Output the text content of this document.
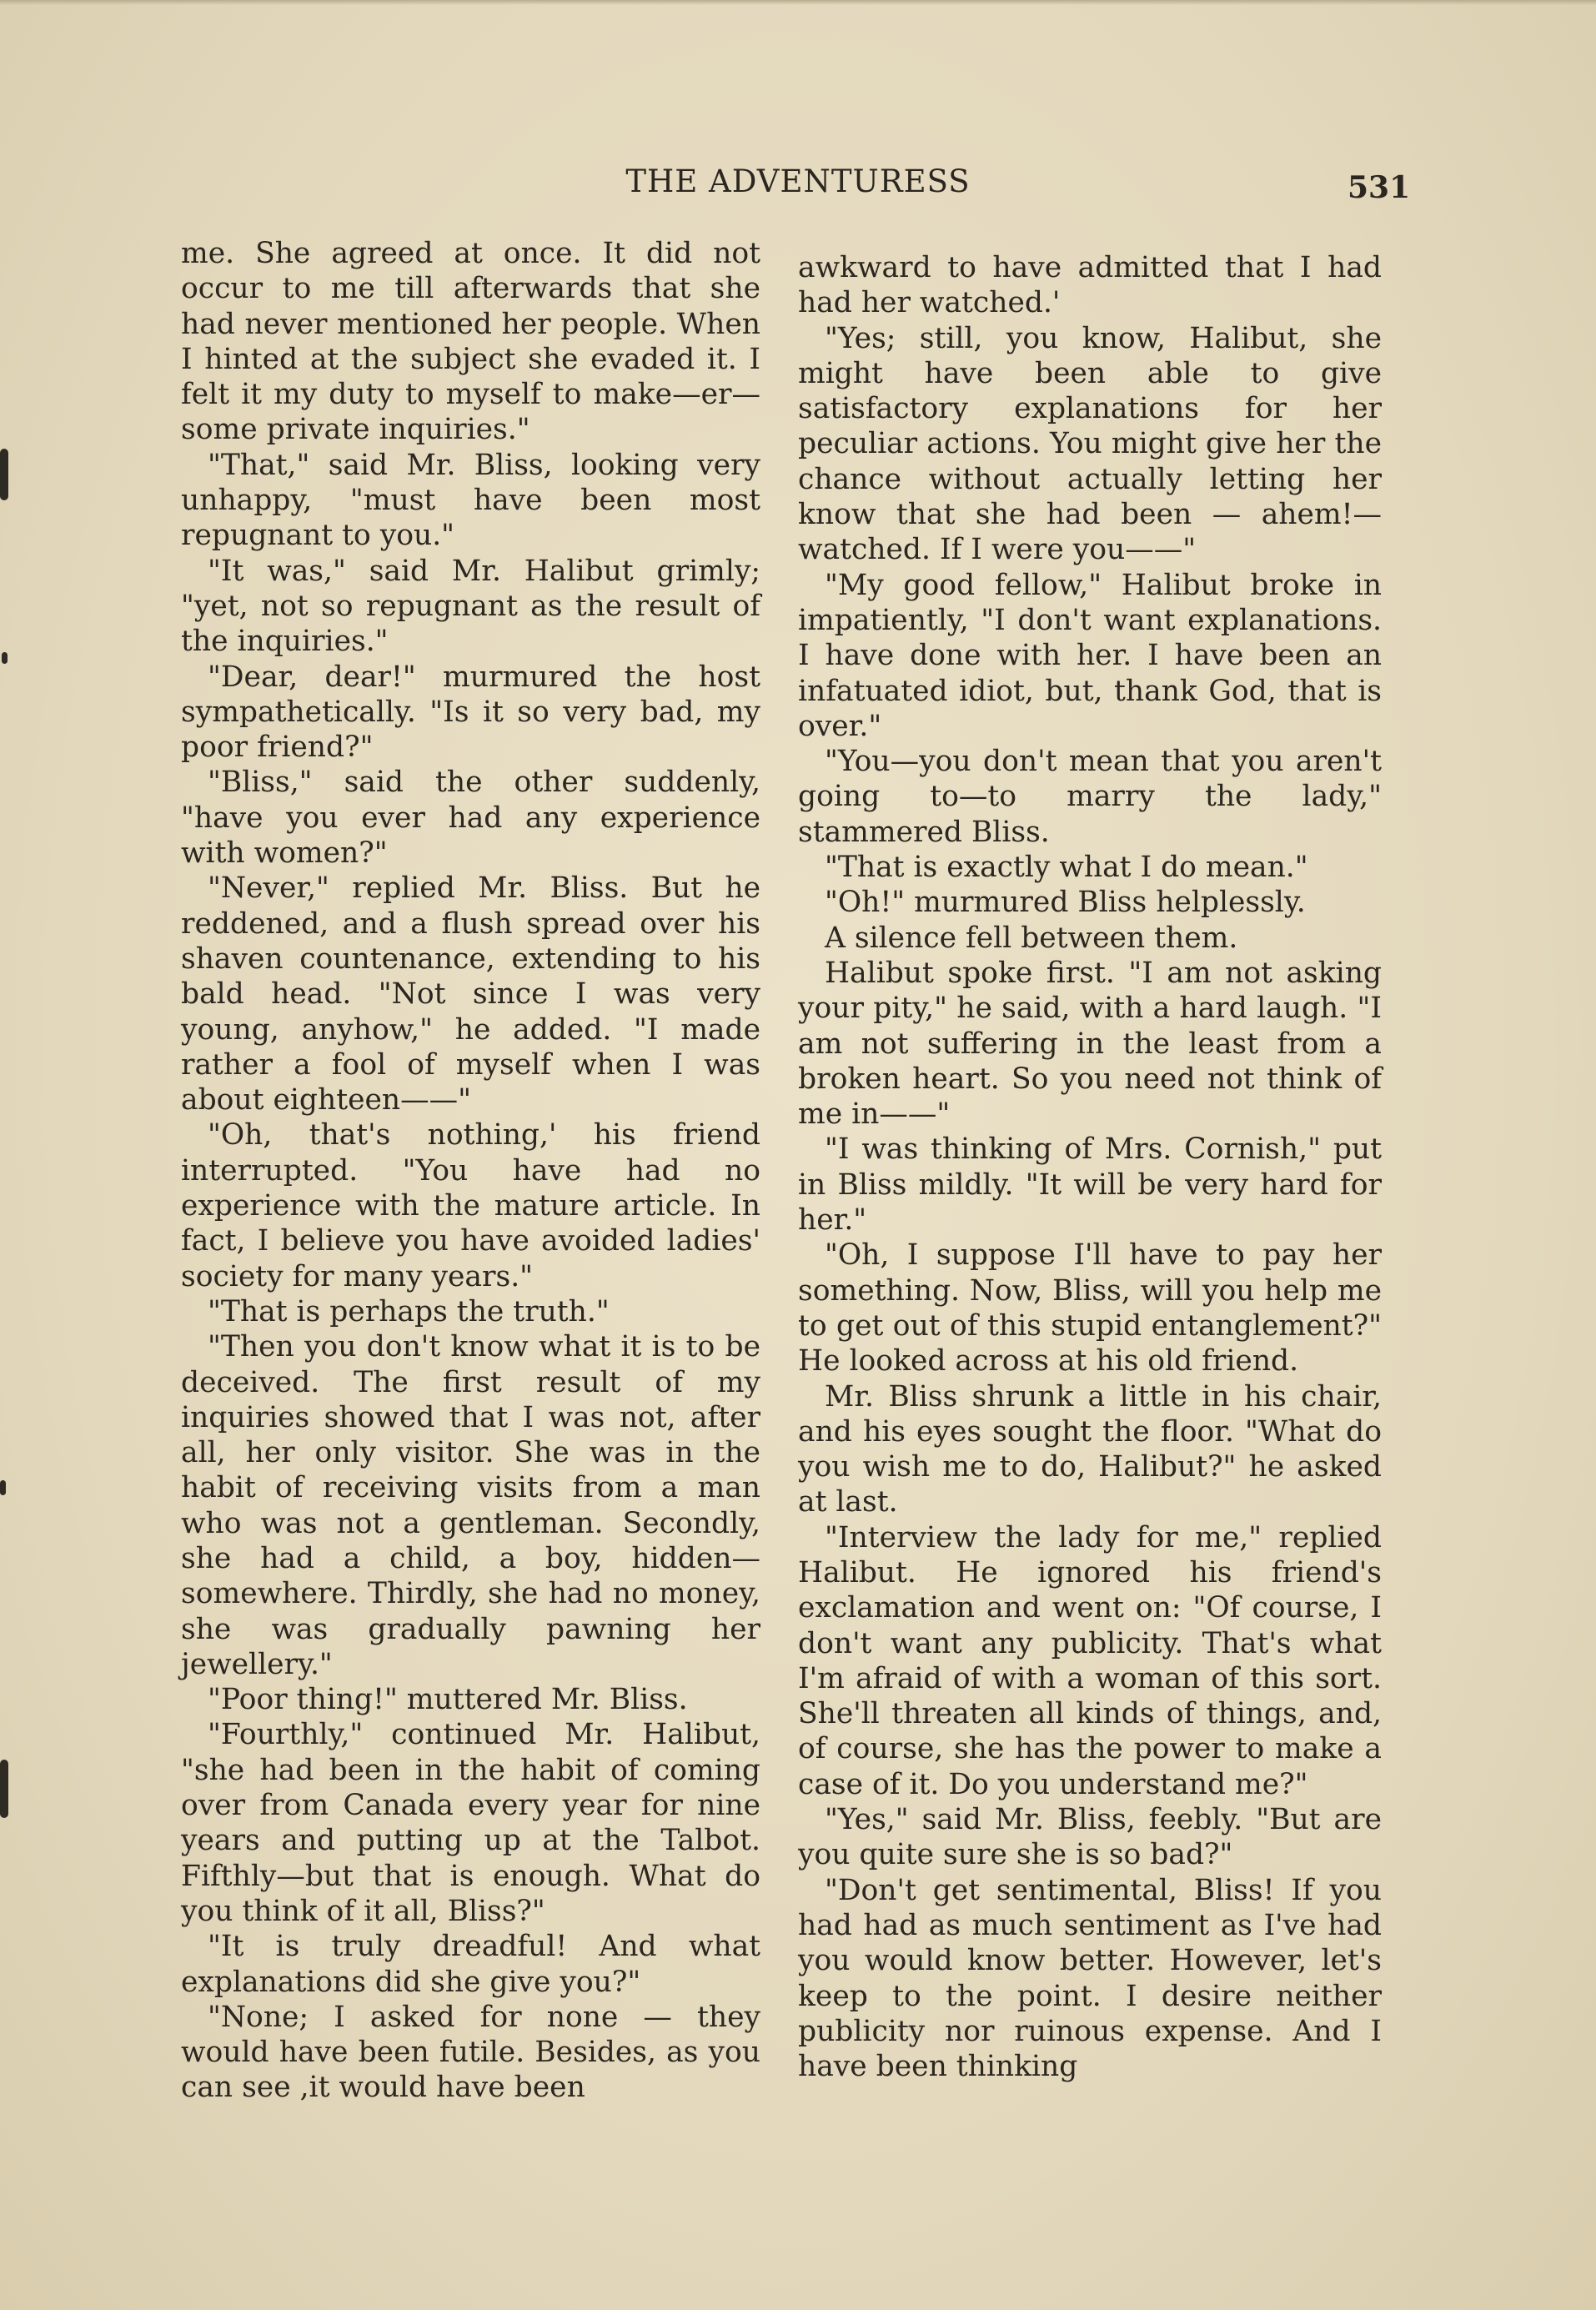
THE ADVENTURESS	531

me. She agreed at once. It did not occur to me till afterwards that she had never mentioned her people. When I hinted at the subject she evaded it. I felt it my duty to myself to make—er—some private inquiries."

"That," said Mr. Bliss, looking very unhappy, "must have been most repugnant to you."

"It was," said Mr. Halibut grimly; "yet, not so repugnant as the result of the inquiries."

"Dear, dear!" murmured the host sympathetically. "Is it so very bad, my poor friend?"

"Bliss," said the other suddenly, "have you ever had any experience with women?"

"Never," replied Mr. Bliss. But he reddened, and a flush spread over his shaven countenance, extending to his bald head. "Not since I was very young, anyhow," he added. "I made rather a fool of myself when I was about eighteen——"

"Oh, that's nothing,' his friend interrupted. "You have had no experience with the mature article. In fact, I believe you have avoided ladies' society for many years."

"That is perhaps the truth."

"Then you don't know what it is to be deceived. The first result of my inquiries showed that I was not, after all, her only visitor. She was in the habit of receiving visits from a man who was not a gentleman. Secondly, she had a child, a boy, hidden—somewhere. Thirdly, she had no money, she was gradually pawning her jewellery."

"Poor thing!" muttered Mr. Bliss.

"Fourthly," continued Mr. Halibut, "she had been in the habit of coming over from Canada every year for nine years and putting up at the Talbot. Fifthly—but that is enough. What do you think of it all, Bliss?"

"It is truly dreadful! And what explanations did she give you?"

"None; I asked for none — they would have been futile. Besides, as you can see ,it would have been

awkward to have admitted that I had had her watched.'

"Yes; still, you know, Halibut, she might have been able to give satisfactory explanations for her peculiar actions. You might give her the chance without actually letting her know that she had been — ahem!— watched. If I were you——"

"My good fellow," Halibut broke in impatiently, "I don't want explanations. I have done with her. I have been an infatuated idiot, but, thank God, that is over."

"You—you don't mean that you aren't going to—to marry the lady," stammered Bliss.

"That is exactly what I do mean."

"Oh!" murmured Bliss helplessly.

A silence fell between them.

Halibut spoke first. "I am not asking your pity," he said, with a hard laugh. "I am not suffering in the least from a broken heart. So you need not think of me in——"

"I was thinking of Mrs. Cornish," put in Bliss mildly. "It will be very hard for her."

"Oh, I suppose I'll have to pay her something. Now, Bliss, will you help me to get out of this stupid entanglement?" He looked across at his old friend.

Mr. Bliss shrunk a little in his chair, and his eyes sought the floor. "What do you wish me to do, Halibut?" he asked at last.

"Interview the lady for me," replied Halibut. He ignored his friend's exclamation and went on: "Of course, I don't want any publicity. That's what I'm afraid of with a woman of this sort. She'll threaten all kinds of things, and, of course, she has the power to make a case of it. Do you understand me?"

"Yes," said Mr. Bliss, feebly. "But are you quite sure she is so bad?"

"Don't get sentimental, Bliss! If you had had as much sentiment as I've had you would know better. However, let's keep to the point. I desire neither publicity nor ruinous expense. And I have been thinking
